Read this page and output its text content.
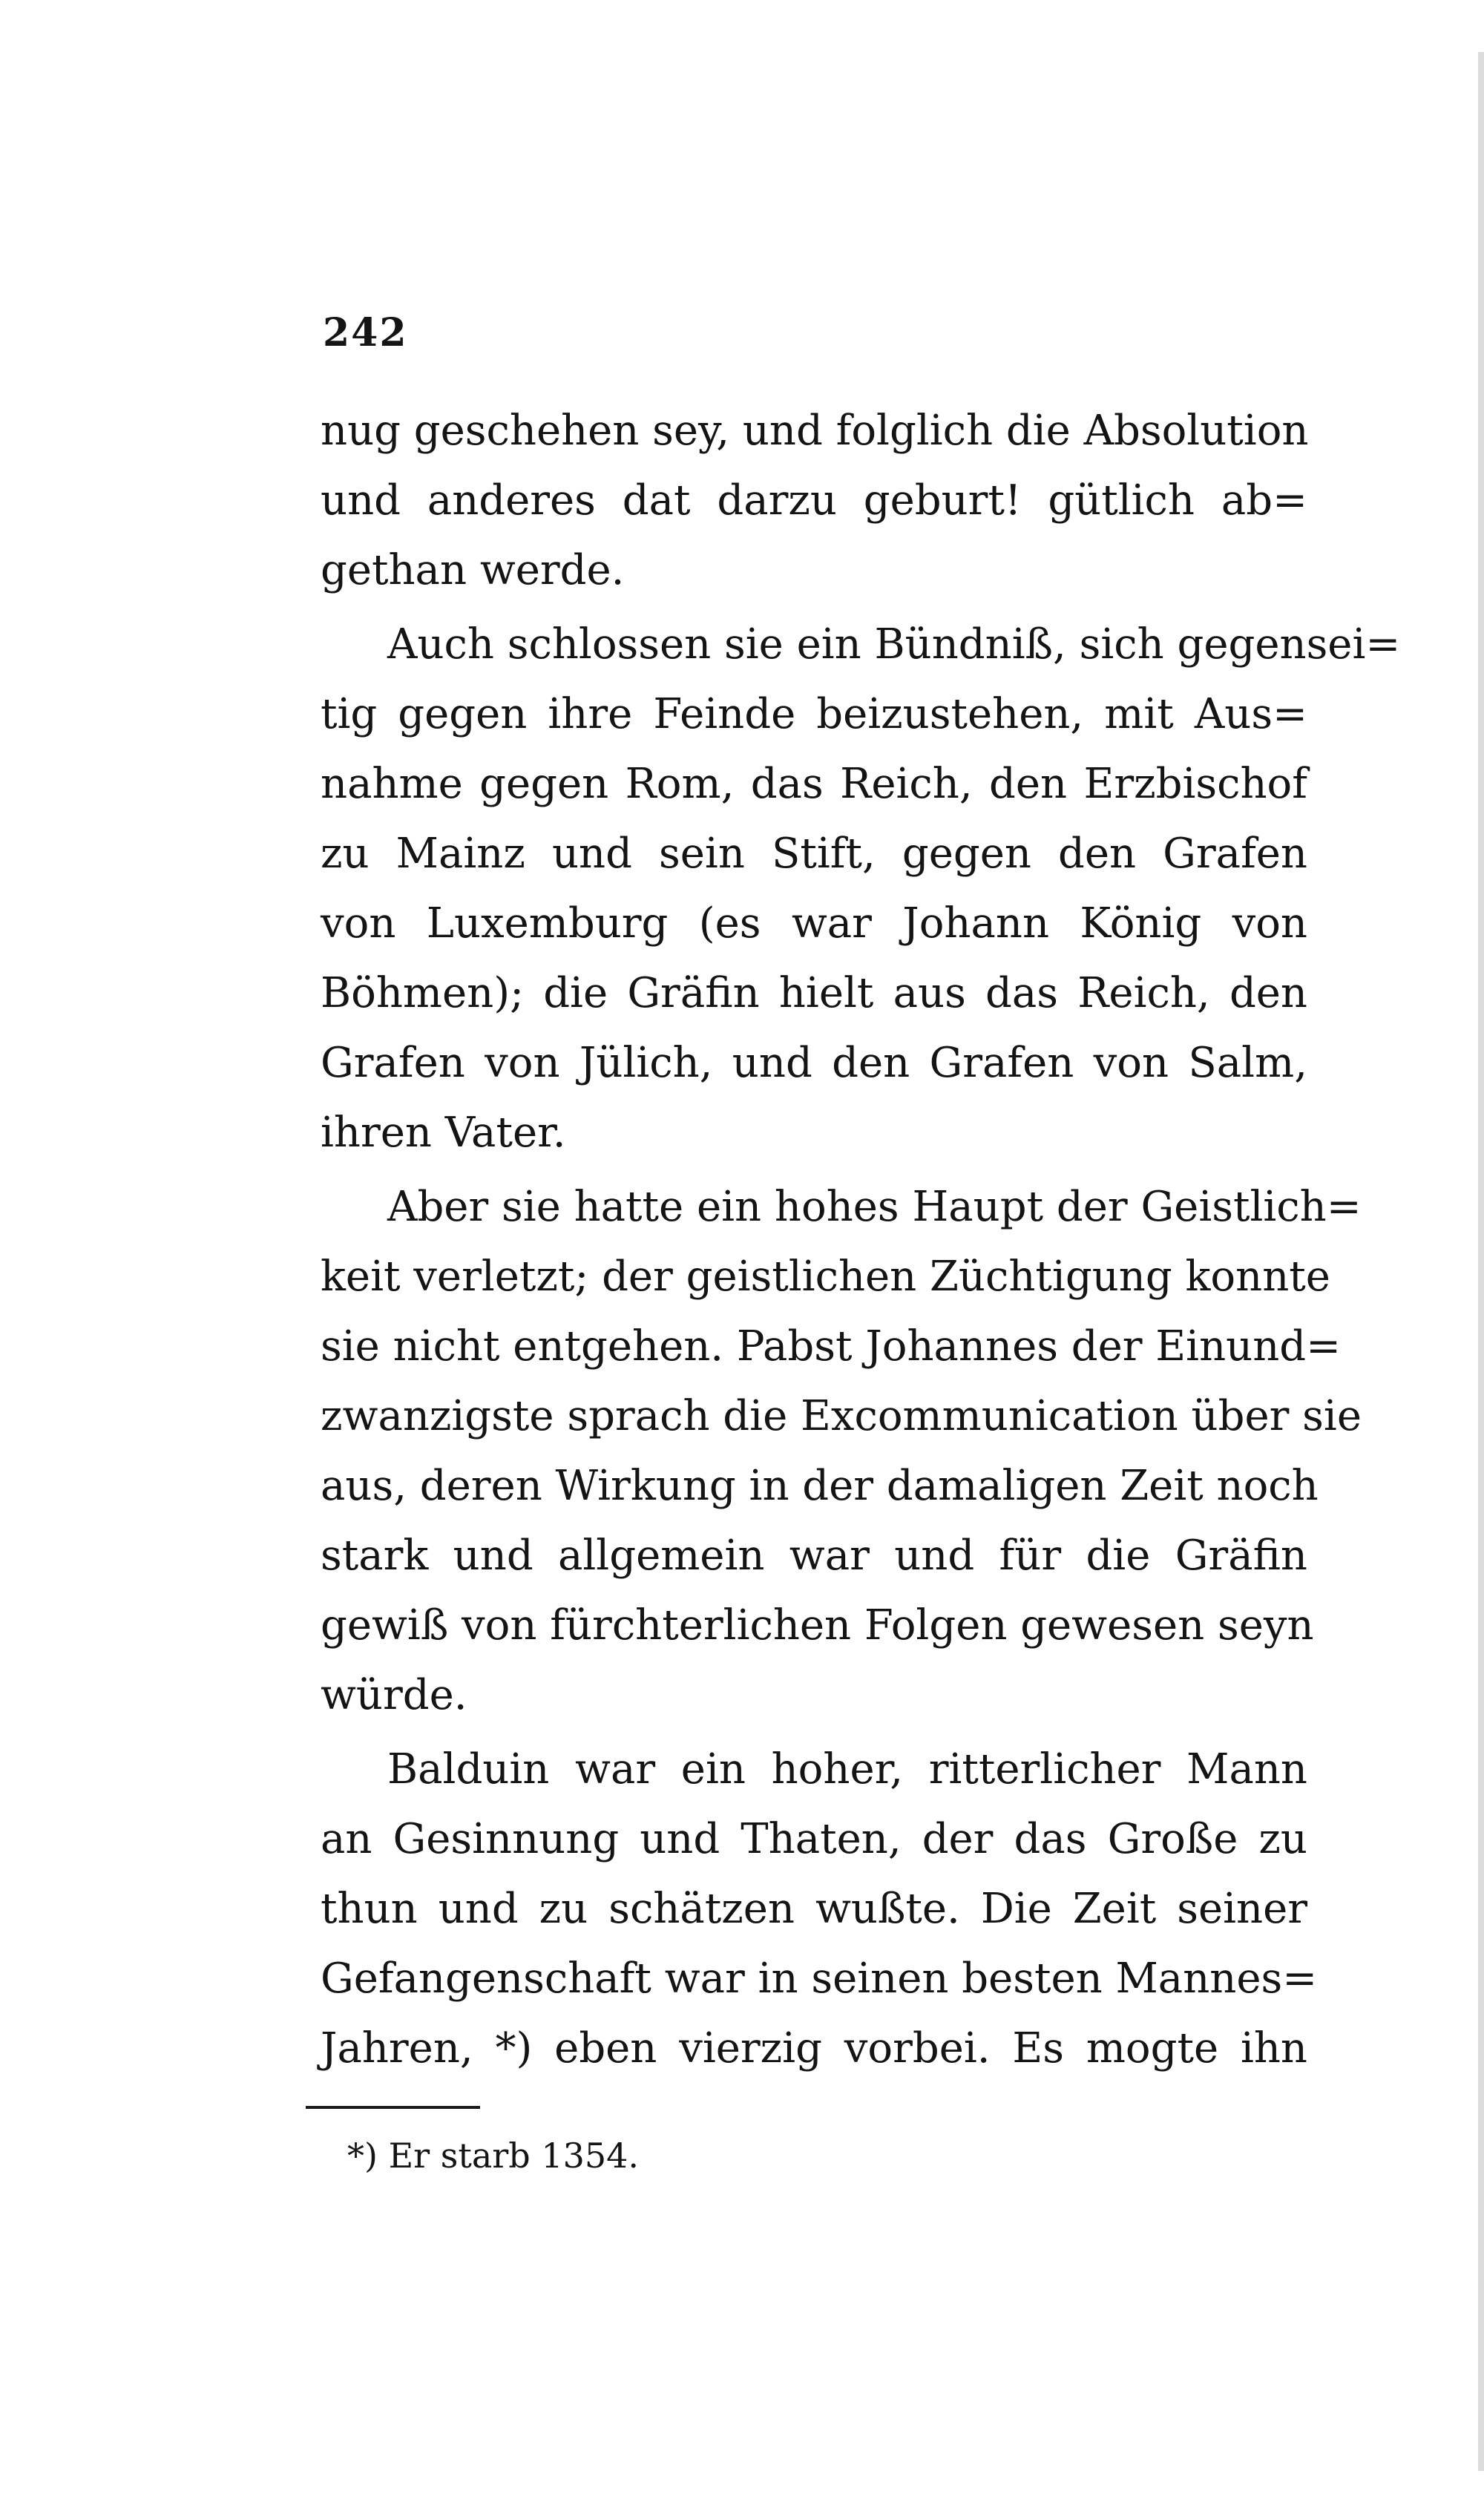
242
nug geschehen sey, und folglich die Absolution
und anderes dat darzu geburt! gütlich ab=
gethan werde.
Auch schlossen sie ein Bündniß, sich gegensei=
tig gegen ihre Feinde beizustehen, mit Aus=
nahme gegen Rom, das Reich, den Erzbischof
zu Mainz und sein Stift, gegen den Grafen
von Luxemburg (es war Johann König von
Böhmen); die Gräfin hielt aus das Reich, den
Grafen von Jülich, und den Grafen von Salm,
ihren Vater.
Aber sie hatte ein hohes Haupt der Geistlich=
keit verletzt; der geistlichen Züchtigung konnte
sie nicht entgehen. Pabst Johannes der Einund=
zwanzigste sprach die Excommunication über sie
aus, deren Wirkung in der damaligen Zeit noch
stark und allgemein war und für die Gräfin
gewiß von fürchterlichen Folgen gewesen seyn
würde.
Balduin war ein hoher, ritterlicher Mann
an Gesinnung und Thaten, der das Große zu
thun und zu schätzen wußte. Die Zeit seiner
Gefangenschaft war in seinen besten Mannes=
Jahren, *) eben vierzig vorbei. Es mogte ihn
*) Er starb 1354.
